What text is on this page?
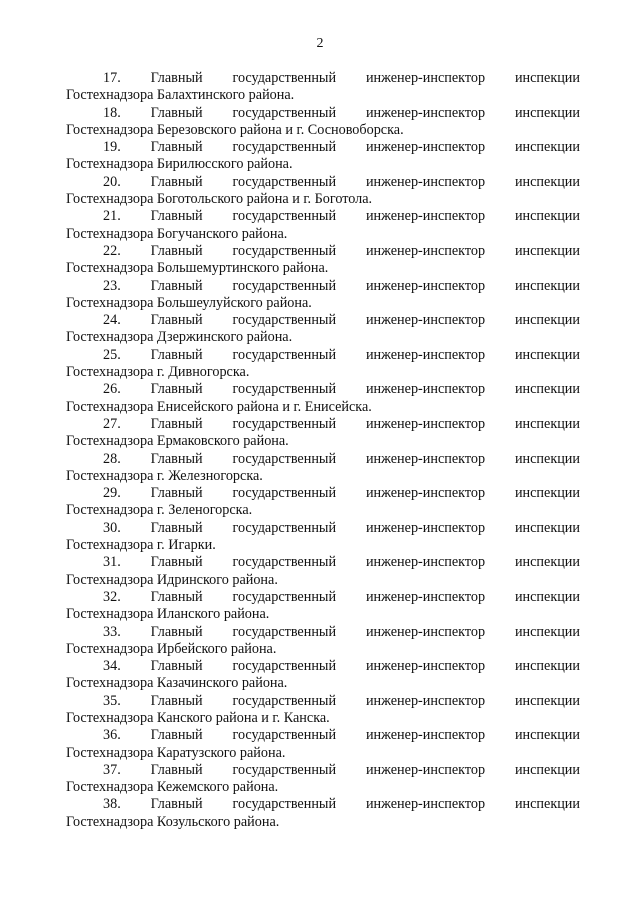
2
17. Главный государственный инженер-инспектор инспекции
Гостехнадзора Балахтинского района.
18. Главный государственный инженер-инспектор инспекции
Гостехнадзора Березовского района и г. Сосновоборска.
19. Главный государственный инженер-инспектор инспекции
Гостехнадзора Бирилюсского района.
20. Главный государственный инженер-инспектор инспекции
Гостехнадзора Боготольского района и г. Боготола.
21. Главный государственный инженер-инспектор инспекции
Гостехнадзора Богучанского района.
22. Главный государственный инженер-инспектор инспекции
Гостехнадзора Большемуртинского района.
23. Главный государственный инженер-инспектор инспекции
Гостехнадзора Большеулуйского района.
24. Главный государственный инженер-инспектор инспекции
Гостехнадзора Дзержинского района.
25. Главный государственный инженер-инспектор инспекции
Гостехнадзора г. Дивногорска.
26. Главный государственный инженер-инспектор инспекции
Гостехнадзора Енисейского района и г. Енисейска.
27. Главный государственный инженер-инспектор инспекции
Гостехнадзора Ермаковского района.
28. Главный государственный инженер-инспектор инспекции
Гостехнадзора г. Железногорска.
29. Главный государственный инженер-инспектор инспекции
Гостехнадзора г. Зеленогорска.
30. Главный государственный инженер-инспектор инспекции
Гостехнадзора г. Игарки.
31. Главный государственный инженер-инспектор инспекции
Гостехнадзора Идринского района.
32. Главный государственный инженер-инспектор инспекции
Гостехнадзора Иланского района.
33. Главный государственный инженер-инспектор инспекции
Гостехнадзора Ирбейского района.
34. Главный государственный инженер-инспектор инспекции
Гостехнадзора Казачинского района.
35. Главный государственный инженер-инспектор инспекции
Гостехнадзора Канского района и г. Канска.
36. Главный государственный инженер-инспектор инспекции
Гостехнадзора Каратузского района.
37. Главный государственный инженер-инспектор инспекции
Гостехнадзора Кежемского района.
38. Главный государственный инженер-инспектор инспекции
Гостехнадзора Козульского района.
